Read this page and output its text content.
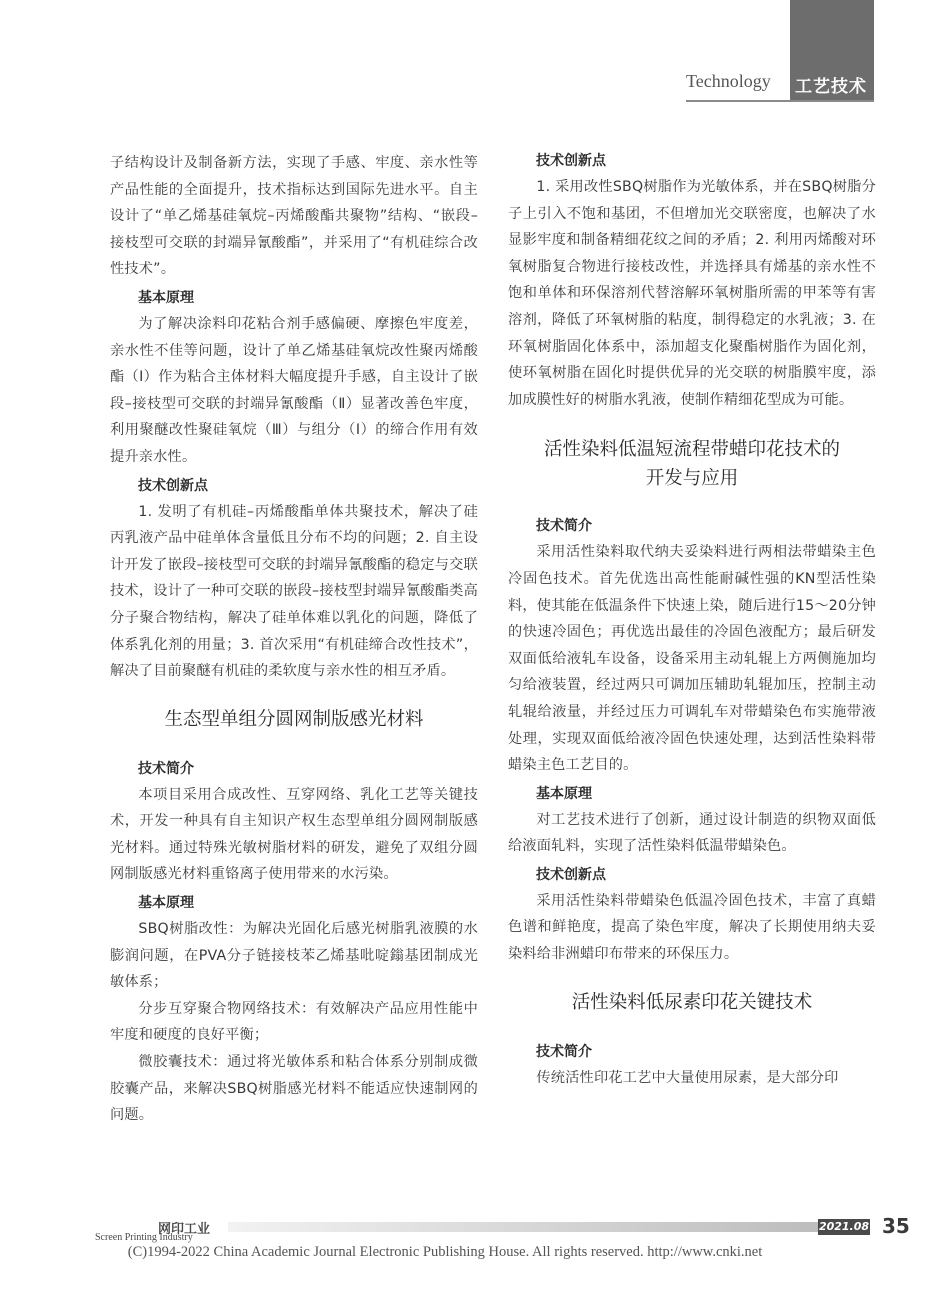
Technology 工艺技术

子结构设计及制备新方法，实现了手感、牢度、亲水性等产品性能的全面提升，技术指标达到国际先进水平。自主设计了“单乙烯基硅氧烷–丙烯酸酯共聚物”结构、“嵌段–接枝型可交联的封端异氰酸酯”，并采用了“有机硅综合改性技术”。

基本原理

为了解决涂料印花粘合剂手感偏硬、摩擦色牢度差，亲水性不佳等问题，设计了单乙烯基硅氧烷改性聚丙烯酸酯（Ⅰ）作为粘合主体材料大幅度提升手感，自主设计了嵌段–接枝型可交联的封端异氰酸酯（Ⅱ）显著改善色牢度，利用聚醚改性聚硅氧烷（Ⅲ）与组分（Ⅰ）的缔合作用有效提升亲水性。

技术创新点

1. 发明了有机硅–丙烯酸酯单体共聚技术，解决了硅丙乳液产品中硅单体含量低且分布不均的问题；2. 自主设计开发了嵌段–接枝型可交联的封端异氰酸酯的稳定与交联技术，设计了一种可交联的嵌段–接枝型封端异氰酸酯类高分子聚合物结构，解决了硅单体难以乳化的问题，降低了体系乳化剂的用量；3. 首次采用“有机硅缔合改性技术”，解决了目前聚醚有机硅的柔软度与亲水性的相互矛盾。

生态型单组分圆网制版感光材料

技术简介

本项目采用合成改性、互穿网络、乳化工艺等关键技术，开发一种具有自主知识产权生态型单组分圆网制版感光材料。通过特殊光敏树脂材料的研发，避免了双组分圆网制版感光材料重铬离子使用带来的水污染。

基本原理

SBQ树脂改性：为解决光固化后感光树脂乳液膜的水膨润问题，在PVA分子链接枝苯乙烯基吡啶鎓基团制成光敏体系；

分步互穿聚合物网络技术：有效解决产品应用性能中牢度和硬度的良好平衡；

微胶囊技术：通过将光敏体系和粘合体系分别制成微胶囊产品，来解决SBQ树脂感光材料不能适应快速制网的问题。

技术创新点

1. 采用改性SBQ树脂作为光敏体系，并在SBQ树脂分子上引入不饱和基团，不但增加光交联密度，也解决了水显影牢度和制备精细花纹之间的矛盾；2. 利用丙烯酸对环氧树脂复合物进行接枝改性，并选择具有烯基的亲水性不饱和单体和环保溶剂代替溶解环氧树脂所需的甲苯等有害溶剂，降低了环氧树脂的粘度，制得稳定的水乳液；3. 在环氧树脂固化体系中，添加超支化聚酯树脂作为固化剂，使环氧树脂在固化时提供优异的光交联的树脂膜牢度，添加成膜性好的树脂水乳液，使制作精细花型成为可能。

活性染料低温短流程带蜡印花技术的

开发与应用

技术简介

采用活性染料取代纳夫妥染料进行两相法带蜡染主色冷固色技术。首先优选出高性能耐碱性强的KN型活性染料，使其能在低温条件下快速上染，随后进行15～20分钟的快速冷固色；再优选出最佳的冷固色液配方；最后研发双面低给液轧车设备，设备采用主动轧辊上方两侧施加均匀给液装置，经过两只可调加压辅助轧辊加压，控制主动轧辊给液量，并经过压力可调轧车对带蜡染色布实施带液处理，实现双面低给液冷固色快速处理，达到活性染料带蜡染主色工艺目的。

基本原理

对工艺技术进行了创新，通过设计制造的织物双面低给液面轧料，实现了活性染料低温带蜡染色。

技术创新点

采用活性染料带蜡染色低温冷固色技术，丰富了真蜡色谱和鲜艳度，提高了染色牢度，解决了长期使用纳夫妥染料给非洲蜡印布带来的环保压力。

活性染料低尿素印花关键技术

技术简介

传统活性印花工艺中大量使用尿素，是大部分印

网印工业
Screen Printing Industry
2021.08 35
(C)1994-2022 China Academic Journal Electronic Publishing House. All rights reserved. http://www.cnki.net
